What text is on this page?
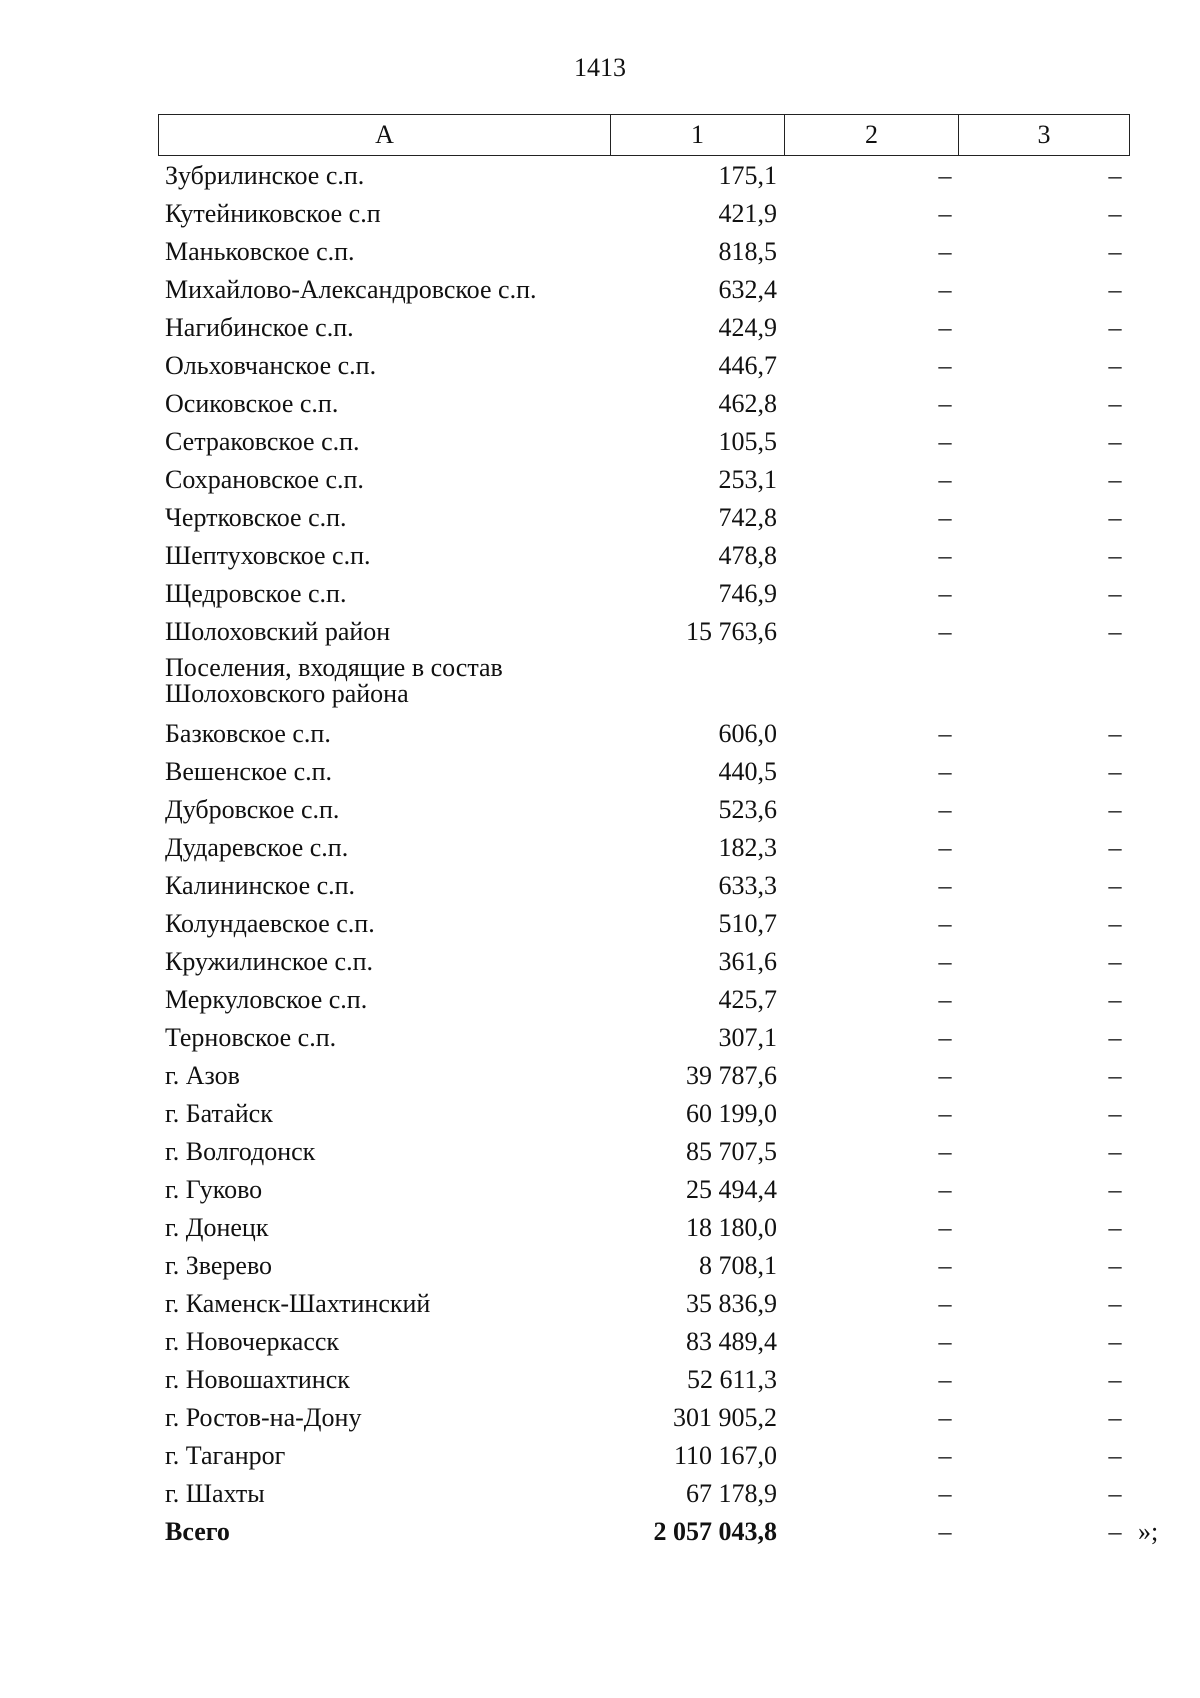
1413
А	1	2	3
Зубрилинское с.п.	175,1	–	–
Кутейниковское с.п	421,9	–	–
Маньковское с.п.	818,5	–	–
Михайлово-Александровское с.п.	632,4	–	–
Нагибинское с.п.	424,9	–	–
Ольховчанское с.п.	446,7	–	–
Осиковское с.п.	462,8	–	–
Сетраковское с.п.	105,5	–	–
Сохрановское с.п.	253,1	–	–
Чертковское с.п.	742,8	–	–
Шептуховское с.п.	478,8	–	–
Щедровское с.п.	746,9	–	–
Шолоховский район	15 763,6	–	–
Поселения, входящие в состав Шолоховского района
Базковское с.п.	606,0	–	–
Вешенское с.п.	440,5	–	–
Дубровское с.п.	523,6	–	–
Дударевское с.п.	182,3	–	–
Калининское с.п.	633,3	–	–
Колундаевское с.п.	510,7	–	–
Кружилинское с.п.	361,6	–	–
Меркуловское с.п.	425,7	–	–
Терновское с.п.	307,1	–	–
г. Азов	39 787,6	–	–
г. Батайск	60 199,0	–	–
г. Волгодонск	85 707,5	–	–
г. Гуково	25 494,4	–	–
г. Донецк	18 180,0	–	–
г. Зверево	8 708,1	–	–
г. Каменск-Шахтинский	35 836,9	–	–
г. Новочеркасск	83 489,4	–	–
г. Новошахтинск	52 611,3	–	–
г. Ростов-на-Дону	301 905,2	–	–
г. Таганрог	110 167,0	–	–
г. Шахты	67 178,9	–	–
Всего	2 057 043,8	–	– »;
